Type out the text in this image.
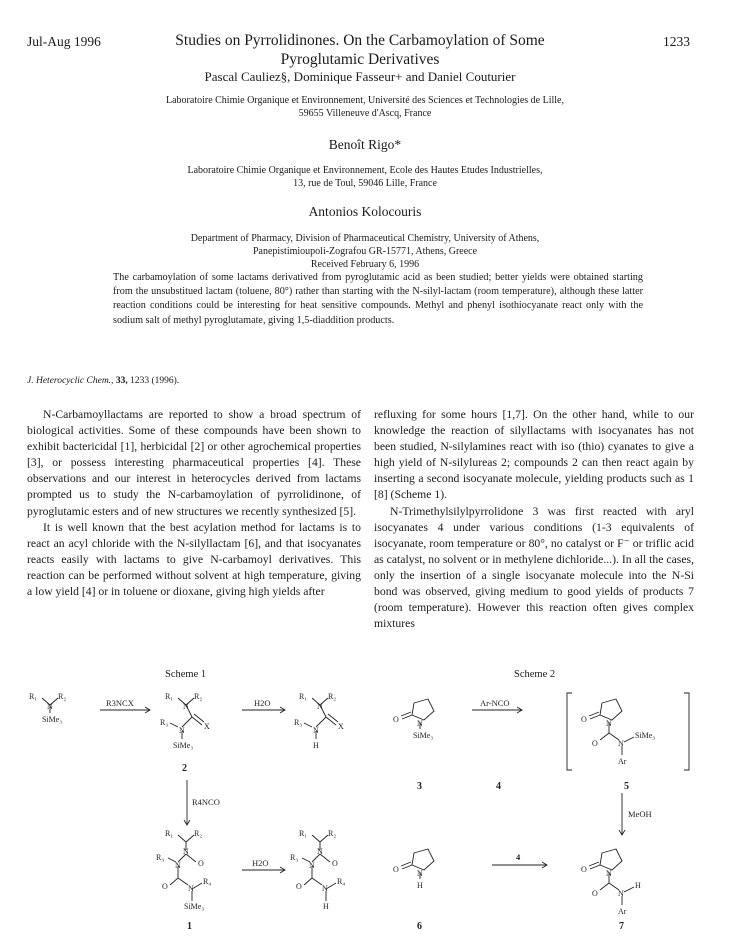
Jul-Aug 1996	1233
Studies on Pyrrolidinones. On the Carbamoylation of Some
Pyroglutamic Derivatives
Pascal Cauliez§, Dominique Fasseur+ and Daniel Couturier
Laboratoire Chimie Organique et Environnement, Université des Sciences et Technologies de Lille,
59655 Villeneuve d'Ascq, France
Benoît Rigo*
Laboratoire Chimie Organique et Environnement, Ecole des Hautes Etudes Industrielles,
13, rue de Toul, 59046 Lille, France
Antonios Kolocouris
Department of Pharmacy, Division of Pharmaceutical Chemistry, University of Athens,
Panepistimioupoli-Zografou GR-15771, Athens, Greece
Received February 6, 1996
The carbamoylation of some lactams derivatived from pyroglutamic acid as been studied; better yields were obtained starting from the unsubstitued lactam (toluene, 80°) rather than starting with the N-silyl-lactam (room temperature), although these latter reaction conditions could be interesting for heat sensitive compounds. Methyl and phenyl isothiocyanate react only with the sodium salt of methyl pyroglutamate, giving 1,5-diaddition products.
J. Heterocyclic Chem., 33, 1233 (1996).

N-Carbamoyllactams are reported to show a broad spectrum of biological activities. Some of these compounds have been shown to exhibit bactericidal [1], herbicidal [2] or other agrochemical properties [3], or possess interesting pharmaceutical properties [4]. These observations and our interest in heterocycles derived from lactams prompted us to study the N-carbamoylation of pyrrolidinone, of pyroglutamic esters and of new structures we recently synthesized [5].

It is well known that the best acylation method for lactams is to react an acyl chloride with the N-silyllactam [6], and that isocyanates reacts easily with lactams to give N-carbamoyl derivatives. This reaction can be performed without solvent at high temperature, giving a low yield [4] or in toluene or dioxane, giving high yields after

refluxing for some hours [1,7]. On the other hand, while to our knowledge the reaction of silyllactams with isocyanates has not been studied, N-silylamines react with iso (thio) cyanates to give a high yield of N-silylureas 2; compounds 2 can then react again by inserting a second isocyanate molecule, yielding products such as 1 [8] (Scheme 1).

N-Trimethylsilylpyrrolidone 3 was first reacted with aryl isocyanates 4 under various conditions (1-3 equivalents of isocyanate, room temperature or 80°, no catalyst or F⁻ or triflic acid as catalyst, no solvent or in methylene dichloride...). In all the cases, only the insertion of a single isocyanate molecule into the N-Si bond was observed, giving medium to good yields of products 7 (room temperature). However this reaction often gives complex mixtures

Scheme 1	Scheme 2
R₁	R₂
N
SiMe₃
R₁	R₂
N
X
R₃
N
SiMe₃
R₁	R₂
N
X
R₃
N
H
R₁	R₂
N
O
R₃
N
O	N
R₄
SiMe₃
R₁	R₂
N
O
R₃
N
O	N
R₄
H
R3NCX	H2O
R4NCO
H2O
2
1
O N
SiMe₃
O N
O	N
SiMe₃
Ar
O N
H
O N
O	N
H
Ar
Ar-NCO
MeOH
4
3	4	5
6	7
